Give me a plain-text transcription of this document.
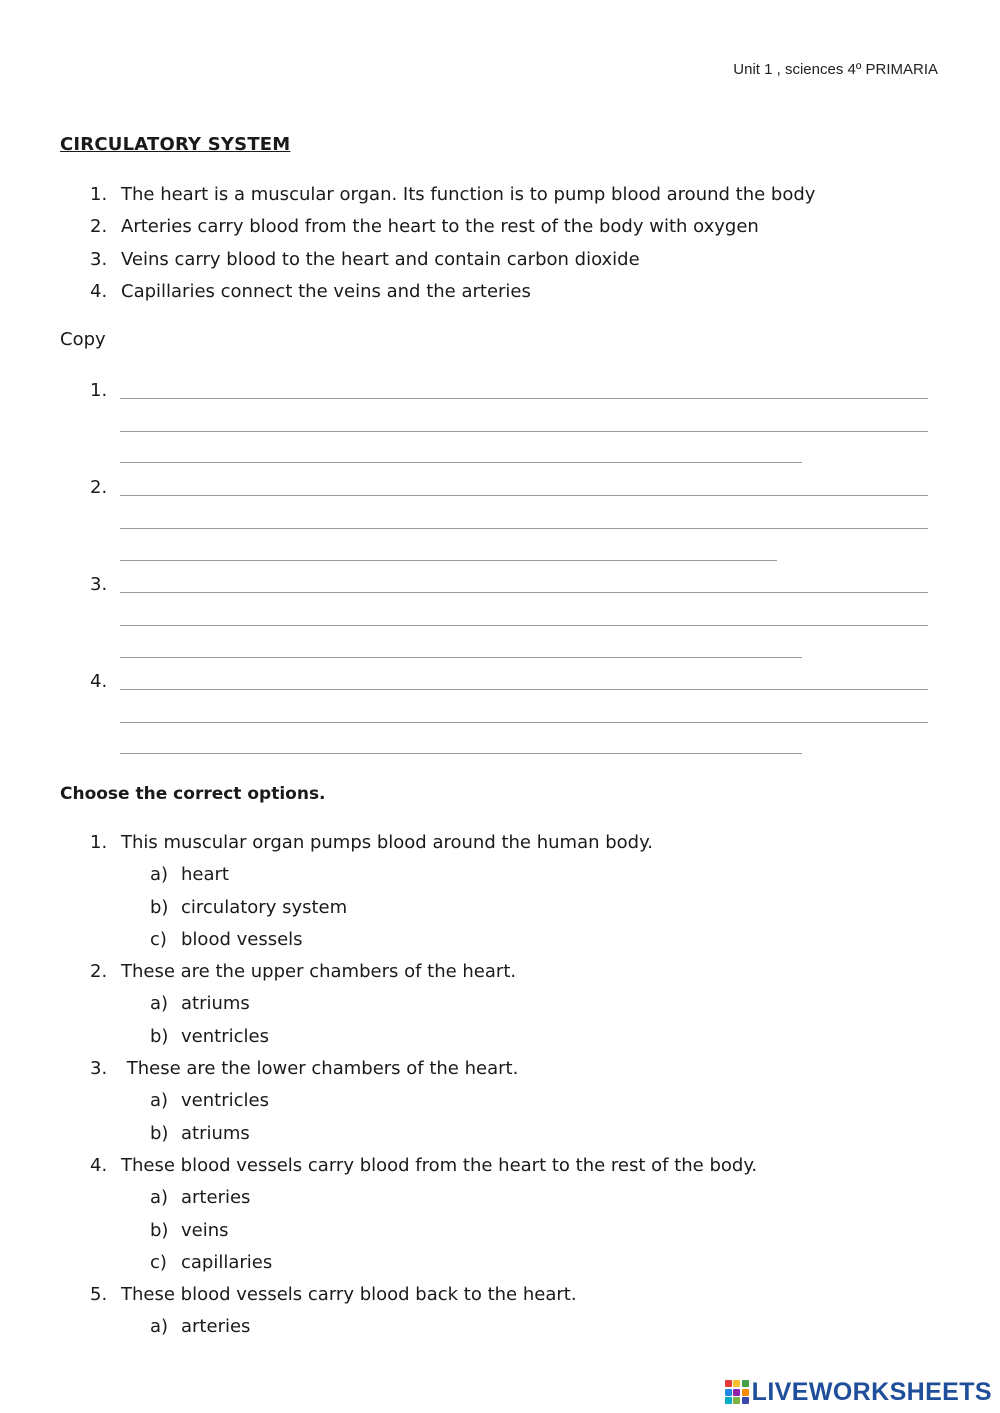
Unit 1 , sciences 4º PRIMARIA
CIRCULATORY SYSTEM
1. The heart is a muscular organ. Its function is to pump blood around the body
2. Arteries carry blood from the heart to the rest of the body with oxygen
3. Veins carry blood to the heart and contain carbon dioxide
4. Capillaries connect the veins and the arteries
Copy
1.
2.
3.
4.
Choose the correct options.
1. This muscular organ pumps blood around the human body.
a) heart
b) circulatory system
c) blood vessels
2. These are the upper chambers of the heart.
a) atriums
b) ventricles
3. These are the lower chambers of the heart.
a) ventricles
b) atriums
4. These blood vessels carry blood from the heart to the rest of the body.
a) arteries
b) veins
c) capillaries
5. These blood vessels carry blood back to the heart.
a) arteries
LIVEWORKSHEETS
